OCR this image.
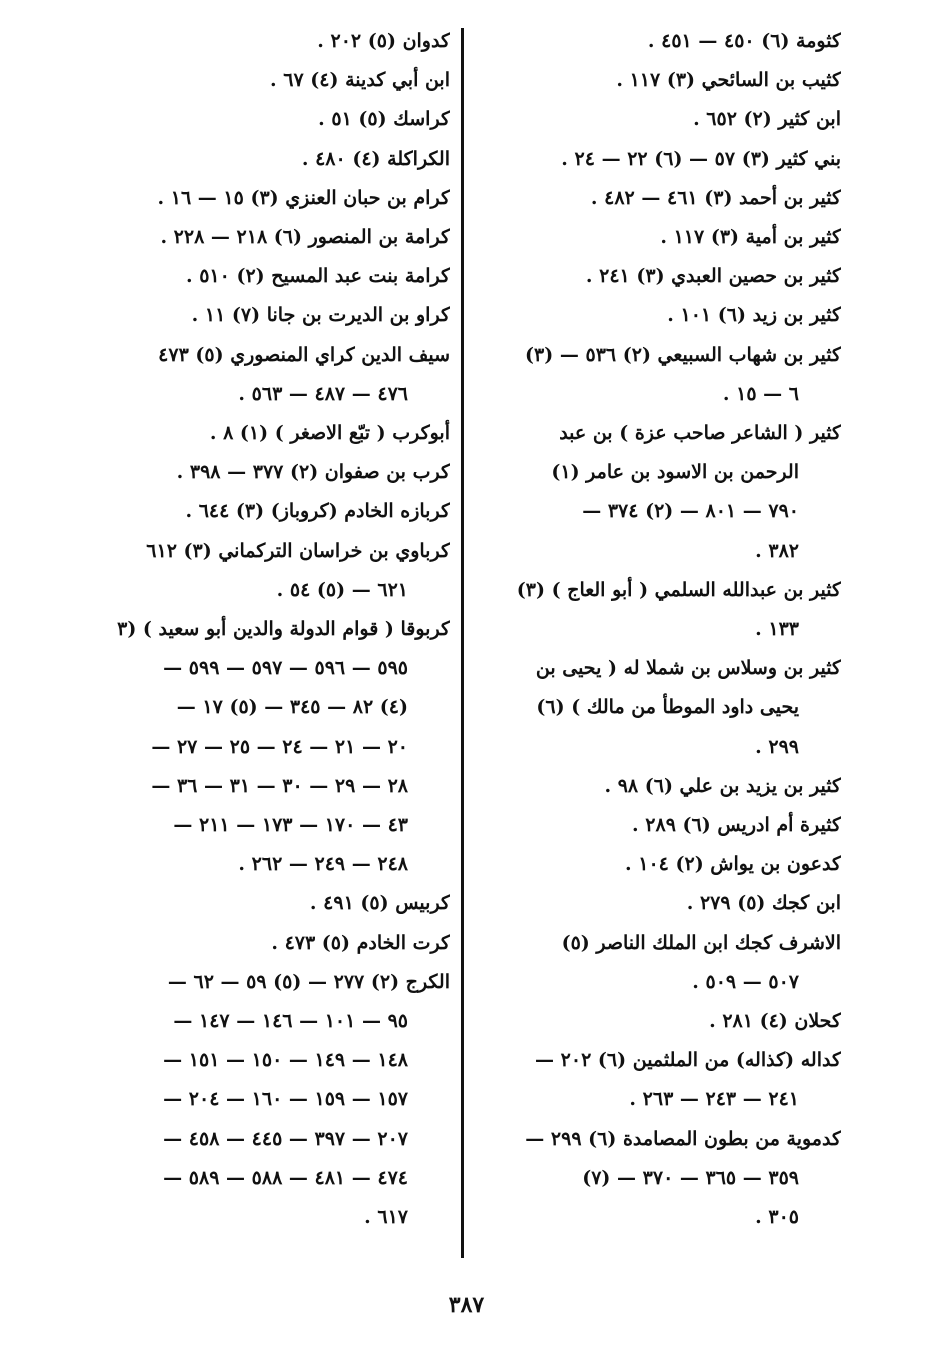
كثومة (٦) ٤٥٠ — ٤٥١ .
كثيب بن السائحي (٣) ١١٧ .
ابن كثير (٢) ٦٥٢ .
بني كثير (٣) ٥٧ — (٦) ٢٢ — ٢٤ .
كثير بن أحمد (٣) ٤٦١ — ٤٨٢ .
كثير بن أمية (٣) ١١٧ .
كثير بن حصين العبدي (٣) ٢٤١ .
كثير بن زيد (٦) ١٠١ .
كثير بن شهاب السبيعي (٢) ٥٣٦ — (٣)
٦ — ١٥ .
كثير ( الشاعر صاحب عزة ) بن عبد
الرحمن بن الاسود بن عامر (١)
٧٩٠ — ٨٠١ — (٢) ٣٧٤ —
٣٨٢ .
كثير بن عبدالله السلمي ( أبو العاج ) (٣)
١٣٣ .
كثير بن وسلاس بن شملا له ( يحيى بن
يحيى داود الموطأ من مالك ) (٦)
٢٩٩ .
كثير بن يزيد بن علي (٦) ٩٨ .
كثيرة أم ادريس (٦) ٢٨٩ .
كدعون بن يواش (٢) ١٠٤ .
ابن كجك (٥) ٢٧٩ .
الاشرف كجك ابن الملك الناصر (٥)
٥٠٧ — ٥٠٩ .
كحلان (٤) ٢٨١ .
كداله (كذاله) من الملثمين (٦) ٢٠٢ —
٢٤١ — ٢٤٣ — ٢٦٣ .
كدموية من بطون المصامدة (٦) ٢٩٩ —
٣٥٩ — ٣٦٥ — ٣٧٠ — (٧)
٣٠٥ .
كدوان (٥) ٢٠٢ .
ابن أبي كدينة (٤) ٦٧ .
كراسك (٥) ٥١ .
الكراكلة (٤) ٤٨٠ .
كرام بن حبان العنزي (٣) ١٥ — ١٦ .
كرامة بن المنصور (٦) ٢١٨ — ٢٢٨ .
كرامة بنت عبد المسيح (٢) ٥١٠ .
كراو بن الديرت بن جانا (٧) ١١ .
سيف الدين كراي المنصوري (٥) ٤٧٣
٤٧٦ — ٤٨٧ — ٥٦٣ .
أبوكرب ( تبّع الاصغر ) (١) ٨ .
كرب بن صفوان (٢) ٣٧٧ — ٣٩٨ .
كربازه الخادم (كروباز) (٣) ٦٤٤ .
كرباوي بن خراسان التركماني (٣) ٦١٢
٦٢١ — (٥) ٥٤ .
كربوقا ( قوام الدولة والدين أبو سعيد ) (٣
٥٩٥ — ٥٩٦ — ٥٩٧ — ٥٩٩ —
(٤) ٨٢ — ٣٤٥ — (٥) ١٧ —
٢٠ — ٢١ — ٢٤ — ٢٥ — ٢٧ —
٢٨ — ٢٩ — ٣٠ — ٣١ — ٣٦ —
٤٣ — ١٧٠ — ١٧٣ — ٢١١ —
٢٤٨ — ٢٤٩ — ٢٦٢ .
كربيس (٥) ٤٩١ .
كرت الخادم (٥) ٤٧٣ .
الكرج (٢) ٢٧٧ — (٥) ٥٩ — ٦٢ —
٩٥ — ١٠١ — ١٤٦ — ١٤٧ —
١٤٨ — ١٤٩ — ١٥٠ — ١٥١ —
١٥٧ — ١٥٩ — ١٦٠ — ٢٠٤ —
٢٠٧ — ٣٩٧ — ٤٤٥ — ٤٥٨ —
٤٧٤ — ٤٨١ — ٥٨٨ — ٥٨٩ —
٦١٧ .
٣٨٧
